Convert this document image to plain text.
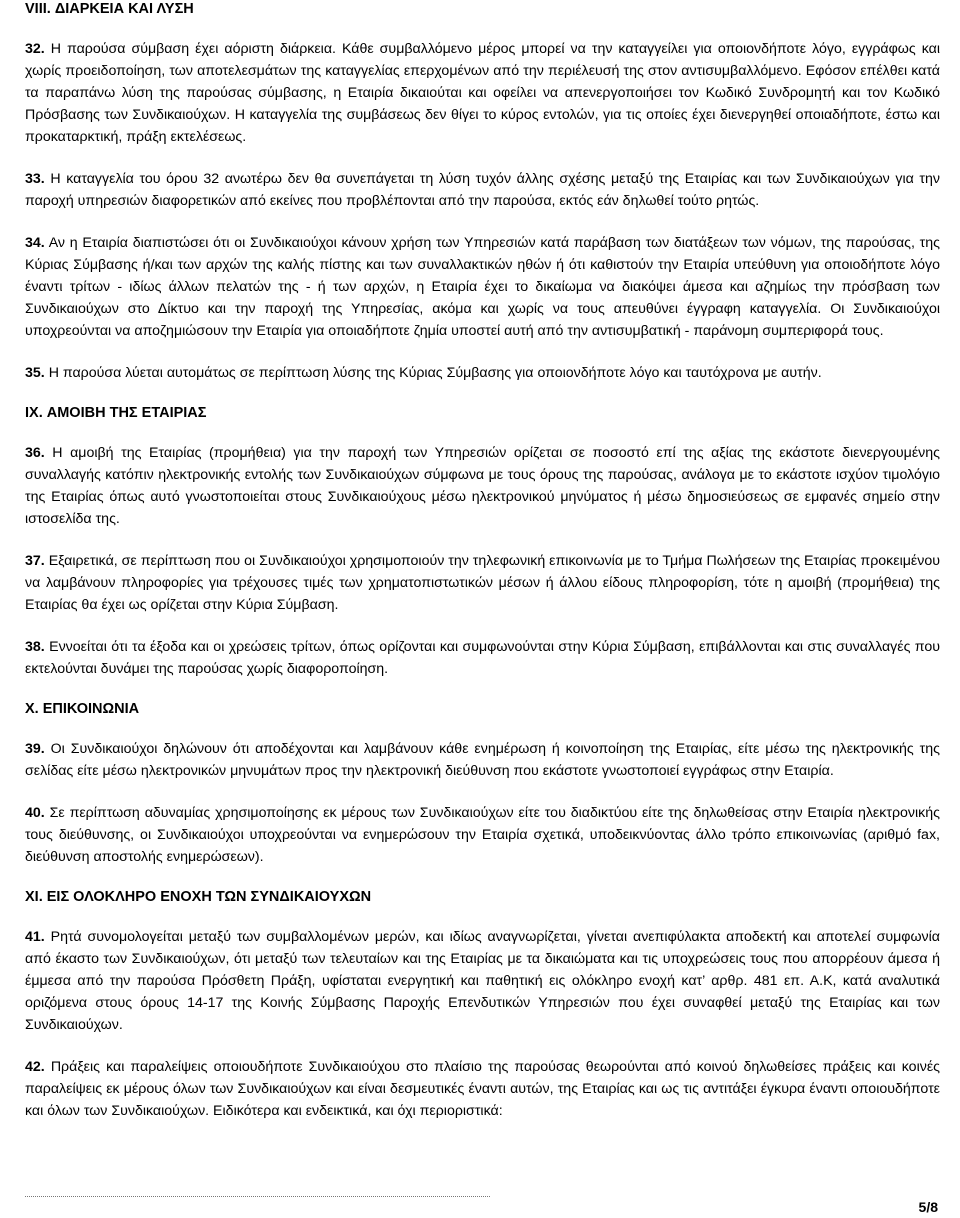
VIII. ΔΙΑΡΚΕΙΑ ΚΑΙ ΛΥΣΗ
32. Η παρούσα σύμβαση έχει αόριστη διάρκεια. Κάθε συμβαλλόμενο μέρος μπορεί να την καταγγείλει για οποιονδήποτε λόγο, εγγράφως και χωρίς προειδοποίηση, των αποτελεσμάτων της καταγγελίας επερχομένων από την περιέλευσή της στον αντισυμβαλλόμενο. Εφόσον επέλθει κατά τα παραπάνω λύση της παρούσας σύμβασης, η Εταιρία δικαιούται και οφείλει να απενεργοποιήσει τον Κωδικό Συνδρομητή και τον Κωδικό Πρόσβασης των Συνδικαιούχων. Η καταγγελία της συμβάσεως δεν θίγει το κύρος εντολών, για τις οποίες έχει διενεργηθεί οποιαδήποτε, έστω και προκαταρκτική, πράξη εκτελέσεως.
33. Η καταγγελία του όρου 32 ανωτέρω δεν θα συνεπάγεται τη λύση τυχόν άλλης σχέσης μεταξύ της Εταιρίας και των Συνδικαιούχων για την παροχή υπηρεσιών διαφορετικών από εκείνες που προβλέπονται από την παρούσα, εκτός εάν δηλωθεί τούτο ρητώς.
34. Αν η Εταιρία διαπιστώσει ότι οι Συνδικαιούχοι κάνουν χρήση των Υπηρεσιών κατά παράβαση των διατάξεων των νόμων, της παρούσας, της Κύριας Σύμβασης ή/και των αρχών της καλής πίστης και των συναλλακτικών ηθών ή ότι καθιστούν την Εταιρία υπεύθυνη για οποιοδήποτε λόγο έναντι τρίτων - ιδίως άλλων πελατών της - ή των αρχών, η Εταιρία έχει το δικαίωμα να διακόψει άμεσα και αζημίως την πρόσβαση των Συνδικαιούχων στο Δίκτυο και την παροχή της Υπηρεσίας, ακόμα και χωρίς να τους απευθύνει έγγραφη καταγγελία. Οι Συνδικαιούχοι υποχρεούνται να αποζημιώσουν την Εταιρία για οποιαδήποτε ζημία υποστεί αυτή από την αντισυμβατική - παράνομη συμπεριφορά τους.
35. Η παρούσα λύεται αυτομάτως σε περίπτωση λύσης της Κύριας Σύμβασης για οποιονδήποτε λόγο και ταυτόχρονα με αυτήν.
IX. ΑΜΟΙΒΗ ΤΗΣ ΕΤΑΙΡΙΑΣ
36. Η αμοιβή της Εταιρίας (προμήθεια) για την παροχή των Υπηρεσιών ορίζεται σε ποσοστό επί της αξίας της εκάστοτε διενεργουμένης συναλλαγής κατόπιν ηλεκτρονικής εντολής των Συνδικαιούχων σύμφωνα με τους όρους της παρούσας, ανάλογα με το εκάστοτε ισχύον τιμολόγιο της Εταιρίας όπως αυτό γνωστοποιείται στους Συνδικαιούχους μέσω ηλεκτρονικού μηνύματος ή μέσω δημοσιεύσεως σε εμφανές σημείο στην ιστοσελίδα της.
37. Εξαιρετικά, σε περίπτωση που οι Συνδικαιούχοι χρησιμοποιούν την τηλεφωνική επικοινωνία με το Τμήμα Πωλήσεων της Εταιρίας προκειμένου να λαμβάνουν πληροφορίες για τρέχουσες τιμές των χρηματοπιστωτικών μέσων ή άλλου είδους πληροφορίση, τότε η αμοιβή (προμήθεια) της Εταιρίας θα έχει ως ορίζεται στην Κύρια Σύμβαση.
38. Εννοείται ότι τα έξοδα και οι χρεώσεις τρίτων, όπως ορίζονται και συμφωνούνται στην Κύρια Σύμβαση, επιβάλλονται και στις συναλλαγές που εκτελούνται δυνάμει της παρούσας χωρίς διαφοροποίηση.
X. ΕΠΙΚΟΙΝΩΝΙΑ
39. Οι Συνδικαιούχοι δηλώνουν ότι αποδέχονται και λαμβάνουν κάθε ενημέρωση ή κοινοποίηση της Εταιρίας, είτε μέσω της ηλεκτρονικής της σελίδας είτε μέσω ηλεκτρονικών μηνυμάτων προς την ηλεκτρονική διεύθυνση που εκάστοτε γνωστοποιεί εγγράφως στην Εταιρία.
40. Σε περίπτωση αδυναμίας χρησιμοποίησης εκ μέρους των Συνδικαιούχων είτε του διαδικτύου είτε της δηλωθείσας στην Εταιρία ηλεκτρονικής τους διεύθυνσης, οι Συνδικαιούχοι υποχρεούνται να ενημερώσουν την Εταιρία σχετικά, υποδεικνύοντας άλλο τρόπο επικοινωνίας (αριθμό fax, διεύθυνση αποστολής ενημερώσεων).
XI. ΕΙΣ ΟΛΟΚΛΗΡΟ ΕΝΟΧΗ ΤΩΝ ΣΥΝΔΙΚΑΙΟΥΧΩΝ
41. Ρητά συνομολογείται μεταξύ των συμβαλλομένων μερών, και ιδίως αναγνωρίζεται, γίνεται ανεπιφύλακτα αποδεκτή και αποτελεί συμφωνία από έκαστο των Συνδικαιούχων, ότι μεταξύ των τελευταίων και της Εταιρίας με τα δικαιώματα και τις υποχρεώσεις τους που απορρέουν άμεσα ή έμμεσα από την παρούσα Πρόσθετη Πράξη, υφίσταται ενεργητική και παθητική εις ολόκληρο ενοχή κατ’ αρθρ. 481 επ. Α.Κ, κατά αναλυτικά οριζόμενα στους όρους 14-17 της Κοινής Σύμβασης Παροχής Επενδυτικών Υπηρεσιών που έχει συναφθεί μεταξύ της Εταιρίας και των Συνδικαιούχων.
42. Πράξεις και παραλείψεις οποιουδήποτε Συνδικαιούχου στο πλαίσιο της παρούσας θεωρούνται από κοινού δηλωθείσες πράξεις και κοινές παραλείψεις εκ μέρους όλων των Συνδικαιούχων και είναι δεσμευτικές έναντι αυτών, της Εταιρίας και ως τις αντιτάξει έγκυρα έναντι οποιουδήποτε και όλων των Συνδικαιούχων. Ειδικότερα και ενδεικτικά, και όχι περιοριστικά:
5/8
